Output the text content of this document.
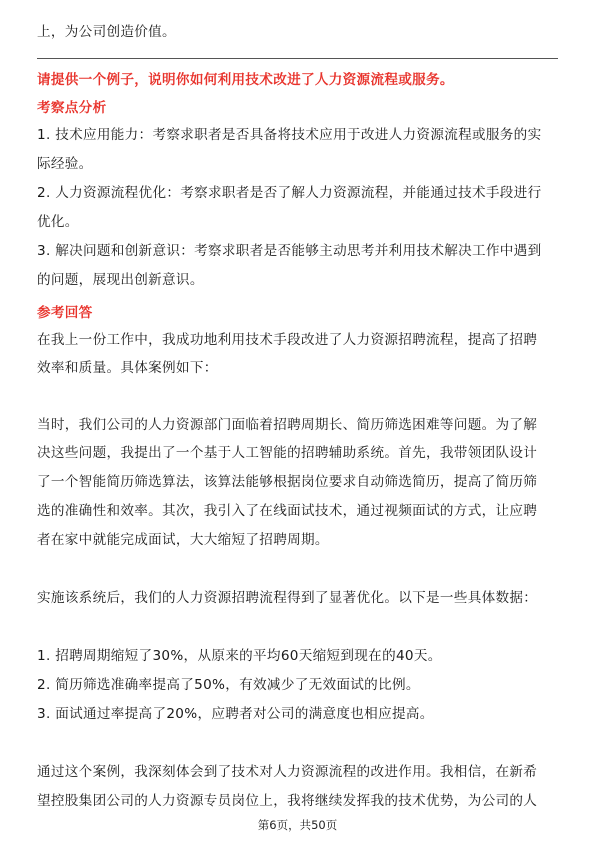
上，为公司创造价值。
请提供一个例子，说明你如何利用技术改进了人力资源流程或服务。
考察点分析
1. 技术应用能力：考察求职者是否具备将技术应用于改进人力资源流程或服务的实
际经验。
2. 人力资源流程优化：考察求职者是否了解人力资源流程，并能通过技术手段进行
优化。
3. 解决问题和创新意识：考察求职者是否能够主动思考并利用技术解决工作中遇到
的问题，展现出创新意识。
参考回答
在我上一份工作中，我成功地利用技术手段改进了人力资源招聘流程，提高了招聘
效率和质量。具体案例如下：
当时，我们公司的人力资源部门面临着招聘周期长、简历筛选困难等问题。为了解
决这些问题，我提出了一个基于人工智能的招聘辅助系统。首先，我带领团队设计
了一个智能简历筛选算法，该算法能够根据岗位要求自动筛选简历，提高了简历筛
选的准确性和效率。其次，我引入了在线面试技术，通过视频面试的方式，让应聘
者在家中就能完成面试，大大缩短了招聘周期。
实施该系统后，我们的人力资源招聘流程得到了显著优化。以下是一些具体数据：
1. 招聘周期缩短了30%，从原来的平均60天缩短到现在的40天。
2. 简历筛选准确率提高了50%，有效减少了无效面试的比例。
3. 面试通过率提高了20%，应聘者对公司的满意度也相应提高。
通过这个案例，我深刻体会到了技术对人力资源流程的改进作用。我相信，在新希
望控股集团公司的人力资源专员岗位上，我将继续发挥我的技术优势，为公司的人
第6页，共50页
